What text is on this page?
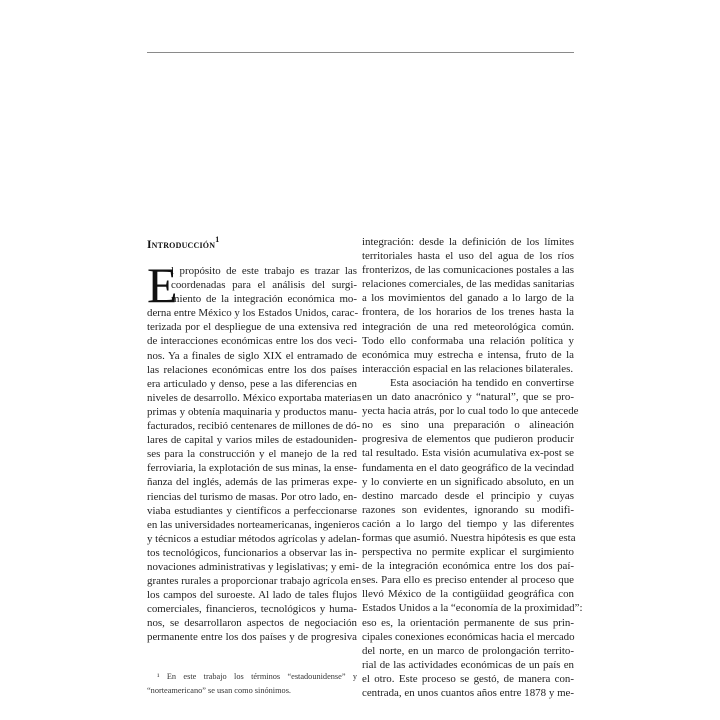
Introducción$^1$
E
l propósito de este trabajo es trazar las
coordenadas para el análisis del surgi-
miento de la integración económica mo-
derna entre México y los Estados Unidos, carac-
terizada por el despliegue de una extensiva red
de interacciones económicas entre los dos veci-
nos. Ya a finales de siglo XIX el entramado de
las relaciones económicas entre los dos países
era articulado y denso, pese a las diferencias en
niveles de desarrollo. México exportaba materias
primas y obtenía maquinaria y productos manu-
facturados, recibió centenares de millones de dó-
lares de capital y varios miles de estadouniden-
ses para la construcción y el manejo de la red
ferroviaria, la explotación de sus minas, la ense-
ñanza del inglés, además de las primeras expe-
riencias del turismo de masas. Por otro lado, en-
viaba estudiantes y científicos a perfeccionarse
en las universidades norteamericanas, ingenieros
y técnicos a estudiar métodos agrícolas y adelan-
tos tecnológicos, funcionarios a observar las in-
novaciones administrativas y legislativas; y emi-
grantes rurales a proporcionar trabajo agrícola en
los campos del suroeste. Al lado de tales flujos
comerciales, financieros, tecnológicos y huma-
nos, se desarrollaron aspectos de negociación
permanente entre los dos países y de progresiva
integración: desde la definición de los límites
territoriales hasta el uso del agua de los ríos
fronterizos, de las comunicaciones postales a las
relaciones comerciales, de las medidas sanitarias
a los movimientos del ganado a lo largo de la
frontera, de los horarios de los trenes hasta la
integración de una red meteorológica común.
Todo ello conformaba una relación política y
económica muy estrecha e intensa, fruto de la
interacción espacial en las relaciones bilaterales.
Esta asociación ha tendido en convertirse
en un dato anacrónico y “natural”, que se pro-
yecta hacia atrás, por lo cual todo lo que antecede
no es sino una preparación o alineación
progresiva de elementos que pudieron producir
tal resultado. Esta visión acumulativa ex-post se
fundamenta en el dato geográfico de la vecindad
y lo convierte en un significado absoluto, en un
destino marcado desde el principio y cuyas
razones son evidentes, ignorando su modifi-
cación a lo largo del tiempo y las diferentes
formas que asumió. Nuestra hipótesis es que esta
perspectiva no permite explicar el surgimiento
de la integración económica entre los dos paí-
ses. Para ello es preciso entender al proceso que
llevó México de la contigüidad geográfica con
Estados Unidos a la “economía de la proximidad”:
eso es, la orientación permanente de sus prin-
cipales conexiones económicas hacia el mercado
del norte, en un marco de prolongación territo-
rial de las actividades económicas de un país en
el otro. Este proceso se gestó, de manera con-
centrada, en unos cuantos años entre 1878 y me-
¹ En este trabajo los términos “estadounidense” y
“norteamericano” se usan como sinónimos.
